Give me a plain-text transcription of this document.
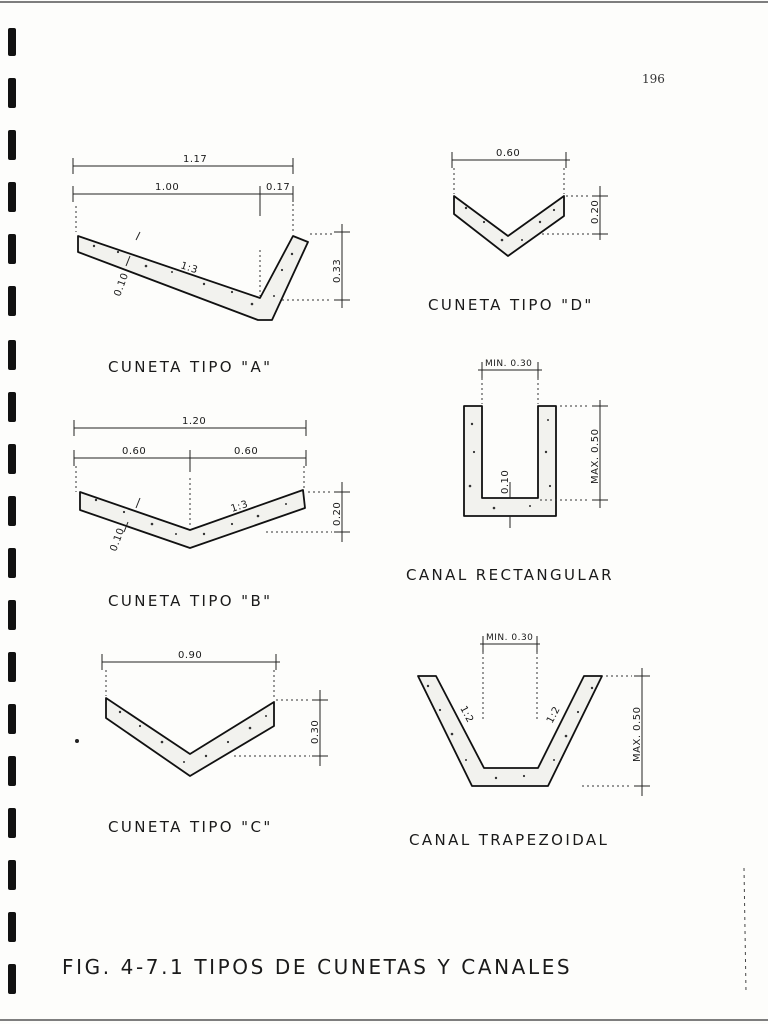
196
1.17
1.00	0.17
1:3
0.10
0.33
CUNETA TIPO "A"
1.20
0.60	0.60
1:3
0.10
0.20
CUNETA TIPO "B"
0.90
0.30
CUNETA TIPO "C"
0.60
0.20
CUNETA TIPO "D"
MIN. 0.30
MAX. 0.50
0.10
CANAL RECTANGULAR
MIN. 0.30
MAX. 0.50
1:2	1:2
CANAL TRAPEZOIDAL
FIG. 4-7.1 TIPOS DE CUNETAS Y CANALES
